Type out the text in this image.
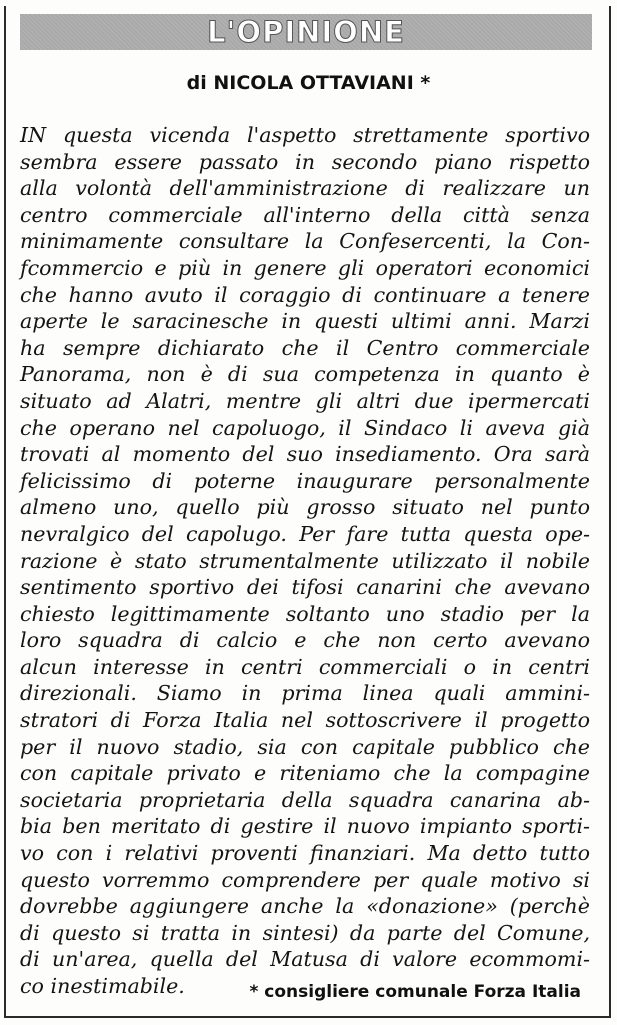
L'OPINIONE
di NICOLA OTTAVIANI *
IN questa vicenda l'aspetto strettamente sportivo
sembra essere passato in secondo piano rispetto
alla volontà dell'amministrazione di realizzare un
centro commerciale all'interno della città senza
minimamente consultare la Confesercenti, la Con-
fcommercio e più in genere gli operatori economici
che hanno avuto il coraggio di continuare a tenere
aperte le saracinesche in questi ultimi anni. Marzi
ha sempre dichiarato che il Centro commerciale
Panorama, non è di sua competenza in quanto è
situato ad Alatri, mentre gli altri due ipermercati
che operano nel capoluogo, il Sindaco li aveva già
trovati al momento del suo insediamento. Ora sarà
felicissimo di poterne inaugurare personalmente
almeno uno, quello più grosso situato nel punto
nevralgico del capolugo. Per fare tutta questa ope-
razione è stato strumentalmente utilizzato il nobile
sentimento sportivo dei tifosi canarini che avevano
chiesto legittimamente soltanto uno stadio per la
loro squadra di calcio e che non certo avevano
alcun interesse in centri commerciali o in centri
direzionali. Siamo in prima linea quali ammini-
stratori di Forza Italia nel sottoscrivere il progetto
per il nuovo stadio, sia con capitale pubblico che
con capitale privato e riteniamo che la compagine
societaria proprietaria della squadra canarina ab-
bia ben meritato di gestire il nuovo impianto sporti-
vo con i relativi proventi finanziari. Ma detto tutto
questo vorremmo comprendere per quale motivo si
dovrebbe aggiungere anche la «donazione» (perchè
di questo si tratta in sintesi) da parte del Comune,
di un'area, quella del Matusa di valore ecommomi-
co inestimabile.	* consigliere comunale Forza Italia
